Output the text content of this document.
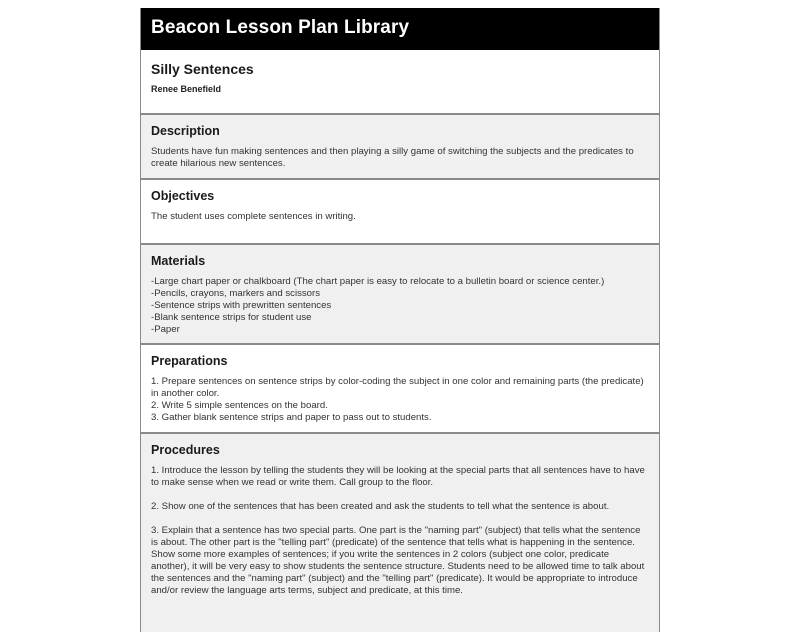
Beacon Lesson Plan Library
Silly Sentences
Renee Benefield
Description
Students have fun making sentences and then playing a silly game of switching the subjects and the predicates to create hilarious new sentences.
Objectives
The student uses complete sentences in writing.
Materials
-Large chart paper or chalkboard (The chart paper is easy to relocate to a bulletin board or science center.)
-Pencils, crayons, markers and scissors
-Sentence strips with prewritten sentences
-Blank sentence strips for student use
-Paper
Preparations
1. Prepare sentences on sentence strips by color-coding the subject in one color and remaining parts (the predicate) in another color.
2. Write 5 simple sentences on the board.
3. Gather blank sentence strips and paper to pass out to students.
Procedures
1. Introduce the lesson by telling the students they will be looking at the special parts that all sentences have to have to make sense when we read or write them. Call group to the floor.
2. Show one of the sentences that has been created and ask the students to tell what the sentence is about.
3. Explain that a sentence has two special parts. One part is the "naming part" (subject) that tells what the sentence is about. The other part is the "telling part" (predicate) of the sentence that tells what is happening in the sentence. Show some more examples of sentences; if you write the sentences in 2 colors (subject one color, predicate another), it will be very easy to show students the sentence structure. Students need to be allowed time to talk about the sentences and the "naming part" (subject) and the "telling part" (predicate). It would be appropriate to introduce and/or review the language arts terms, subject and predicate, at this time.
